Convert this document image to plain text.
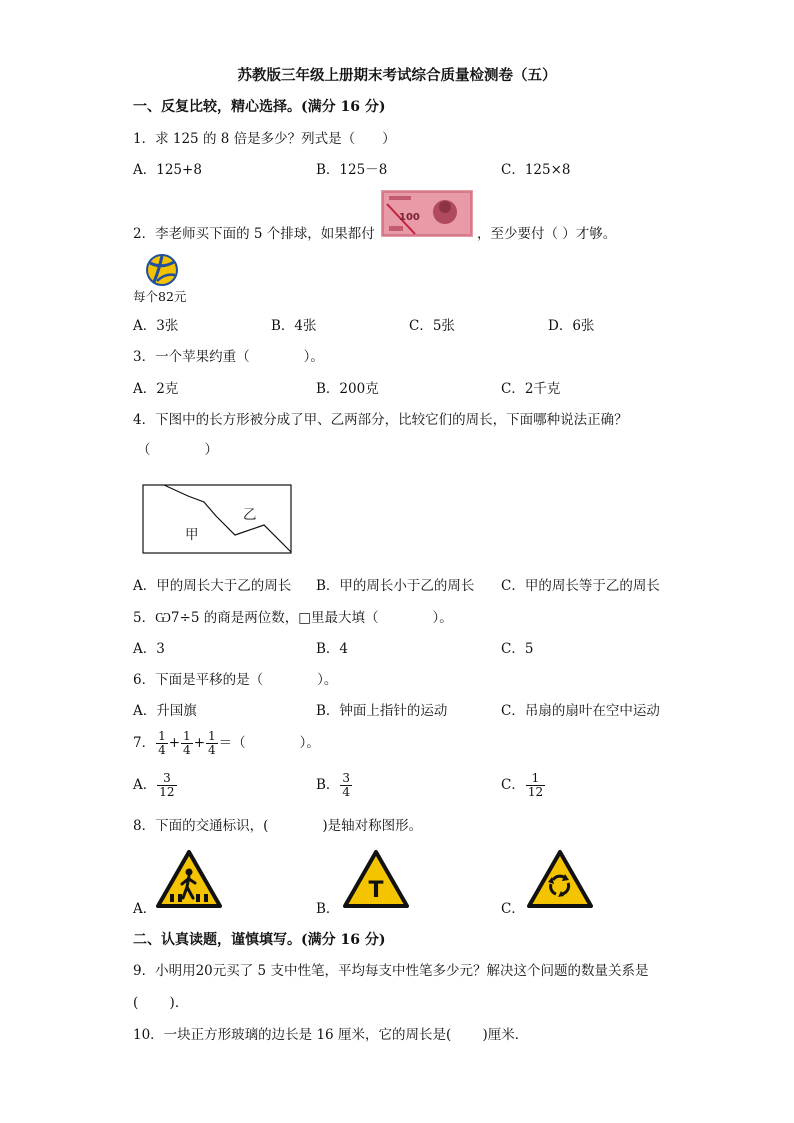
苏教版三年级上册期末考试综合质量检测卷（五）
一、反复比较，精心选择。(满分 16 分)
1．求 125 的 8 倍是多少？列式是（　　）
A．125+8	B．125－8	C．125×8
2．李老师买下面的 5 个排球，如果都付
100
，至少要付（ ）才够。
每个82元
A．3张	B．4张	C．5张	D．6张
3．一个苹果约重（　　　　）。
A．2克	B．200克	C．2千克
4．下图中的长方形被分成了甲、乙两部分，比较它们的周长，下面哪种说法正确？
（　　　　）
乙
甲
A．甲的周长大于乙的周长 B．甲的周长小于乙的周长 C．甲的周长等于乙的周长
5．Ѡ7÷5 的商是两位数，□里最大填（　　　　）。
A．3	B．4	C．5
6．下面是平移的是（　　　　）。
A．升国旗	B．钟面上指针的运动	C．吊扇的扇叶在空中运动
7． $\frac{1}{4} + \frac{1}{4} + \frac{1}{4}$ ＝（　　　　）。
A． $\frac{3}{12}$	B． $\frac{3}{4}$	C． $\frac{1}{12}$
8．下面的交通标识，(　　　　)是轴对称图形。
A．
T
B．	C．
二、认真读题，谨慎填写。(满分 16 分)
9．小明用20元买了 5 支中性笔，平均每支中性笔多少元？解决这个问题的数量关系是
(　　 )．
10．一块正方形玻璃的边长是 16 厘米，它的周长是(　　 )厘米．
